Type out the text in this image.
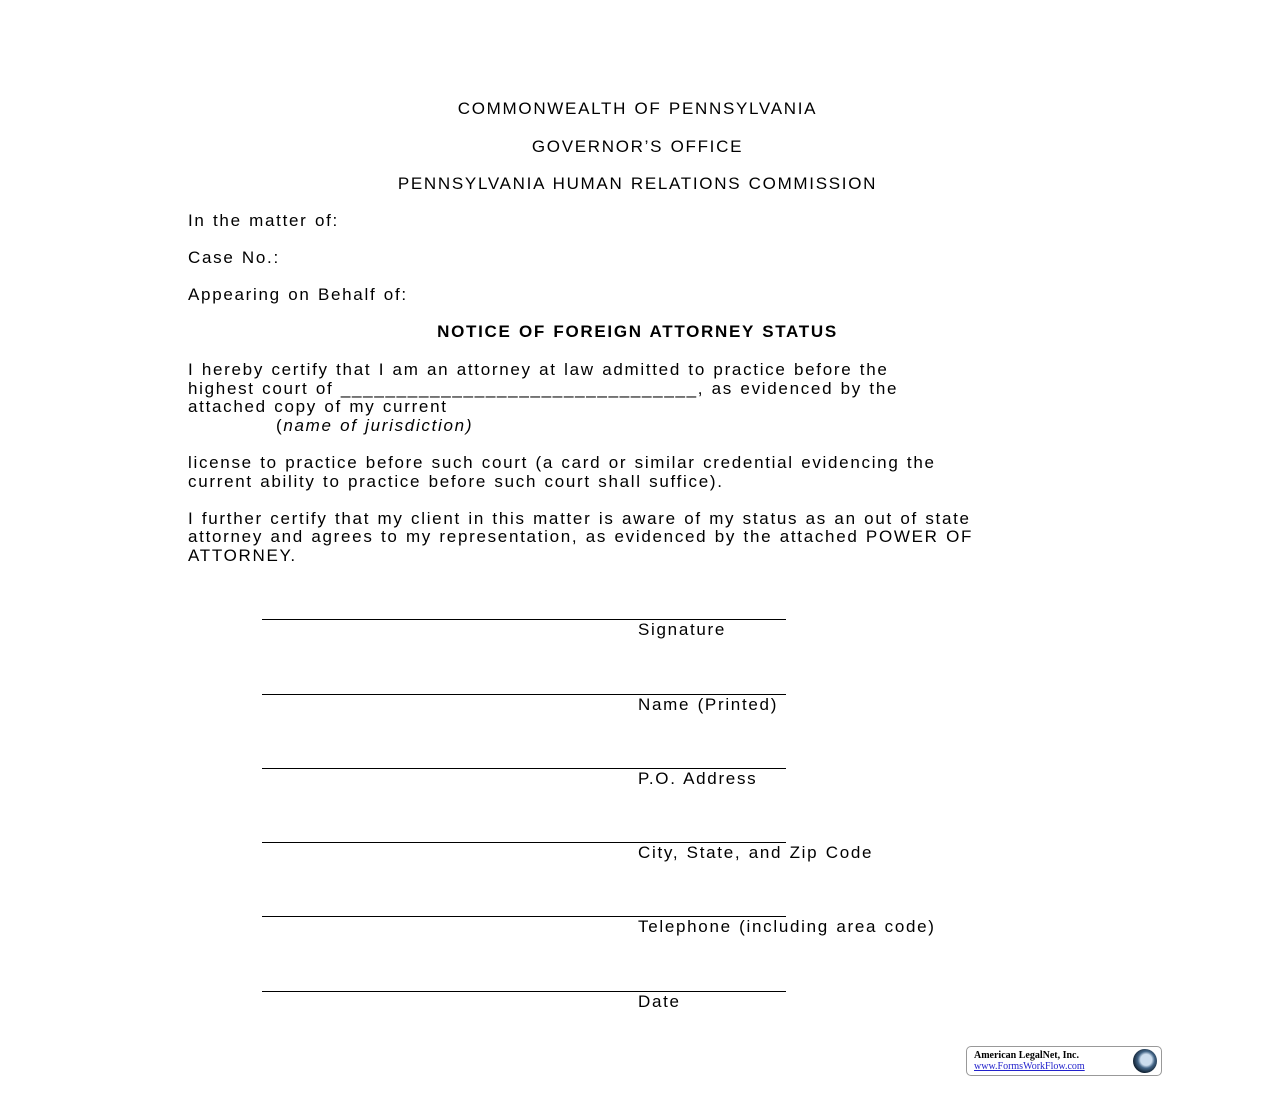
COMMONWEALTH OF PENNSYLVANIA
GOVERNOR’S OFFICE
PENNSYLVANIA HUMAN RELATIONS COMMISSION
In the matter of:
Case No.:
Appearing on Behalf of:
NOTICE OF FOREIGN ATTORNEY STATUS
I hereby certify that I am an attorney at law admitted to practice before the
highest court of ________________________________, as evidenced by the
attached copy of my current
(name of jurisdiction)
license to practice before such court (a card or similar credential evidencing the
current ability to practice before such court shall suffice).
I further certify that my client in this matter is aware of my status as an out of state
attorney and agrees to my representation, as evidenced by the attached POWER OF
ATTORNEY.
Signature
Name (Printed)
P.O. Address
City, State, and Zip Code
Telephone (including area code)
Date
American LegalNet, Inc.
www.FormsWorkFlow.com
